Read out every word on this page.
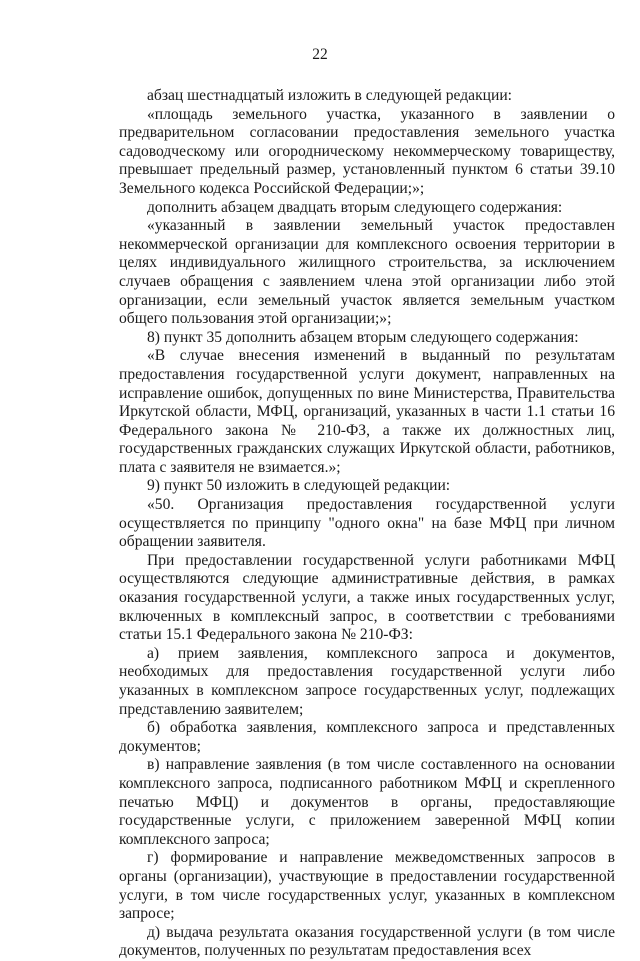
22

абзац шестнадцатый изложить в следующей редакции:

«площадь земельного участка, указанного в заявлении о предварительном согласовании предоставления земельного участка садоводческому или огородническому некоммерческому товариществу, превышает предельный размер, установленный пунктом 6 статьи 39.10 Земельного кодекса Российской Федерации;»;

дополнить абзацем двадцать вторым следующего содержания:

«указанный в заявлении земельный участок предоставлен некоммерческой организации для комплексного освоения территории в целях индивидуального жилищного строительства, за исключением случаев обращения с заявлением члена этой организации либо этой организации, если земельный участок является земельным участком общего пользования этой организации;»;

8) пункт 35 дополнить абзацем вторым следующего содержания:

«В случае внесения изменений в выданный по результатам предоставления государственной услуги документ, направленных на исправление ошибок, допущенных по вине Министерства, Правительства Иркутской области, МФЦ, организаций, указанных в части 1.1 статьи 16 Федерального закона № 210-ФЗ, а также их должностных лиц, государственных гражданских служащих Иркутской области, работников, плата с заявителя не взимается.»;

9) пункт 50 изложить в следующей редакции:

«50. Организация предоставления государственной услуги осуществляется по принципу "одного окна" на базе МФЦ при личном обращении заявителя.

При предоставлении государственной услуги работниками МФЦ осуществляются следующие административные действия, в рамках оказания государственной услуги, а также иных государственных услуг, включенных в комплексный запрос, в соответствии с требованиями статьи 15.1 Федерального закона № 210-ФЗ:

а) прием заявления, комплексного запроса и документов, необходимых для предоставления государственной услуги либо указанных в комплексном запросе государственных услуг, подлежащих представлению заявителем;

б) обработка заявления, комплексного запроса и представленных документов;

в) направление заявления (в том числе составленного на основании комплексного запроса, подписанного работником МФЦ и скрепленного печатью МФЦ) и документов в органы, предоставляющие государственные услуги, с приложением заверенной МФЦ копии комплексного запроса;

г) формирование и направление межведомственных запросов в органы (организации), участвующие в предоставлении государственной услуги, в том числе государственных услуг, указанных в комплексном запросе;

д) выдача результата оказания государственной услуги (в том числе документов, полученных по результатам предоставления всех
